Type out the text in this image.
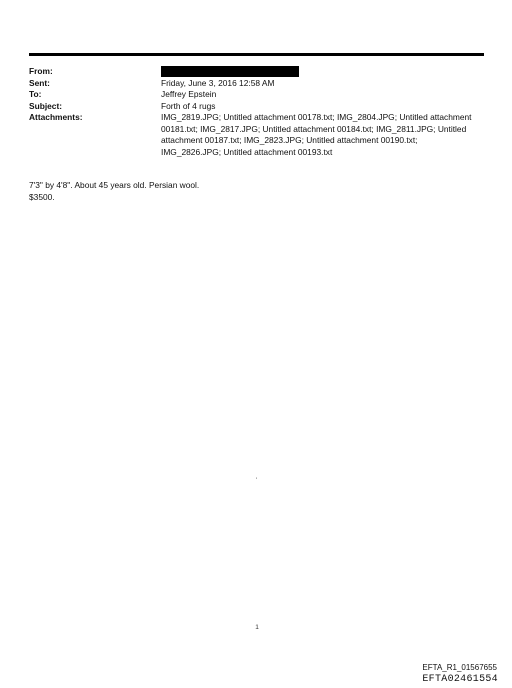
From:
Sent:	Friday, June 3, 2016 12:58 AM
To:	Jeffrey Epstein
Subject:	Forth of 4 rugs
Attachments:	IMG_2819.JPG; Untitled attachment 00178.txt; IMG_2804.JPG; Untitled attachment 00181.txt; IMG_2817.JPG; Untitled attachment 00184.txt; IMG_2811.JPG; Untitled attachment 00187.txt; IMG_2823.JPG; Untitled attachment 00190.txt; IMG_2826.JPG; Untitled attachment 00193.txt
7'3" by 4'8". About 45 years old. Persian wool.
$3500.
'
1
EFTA_R1_01567655
EFTA02461554
